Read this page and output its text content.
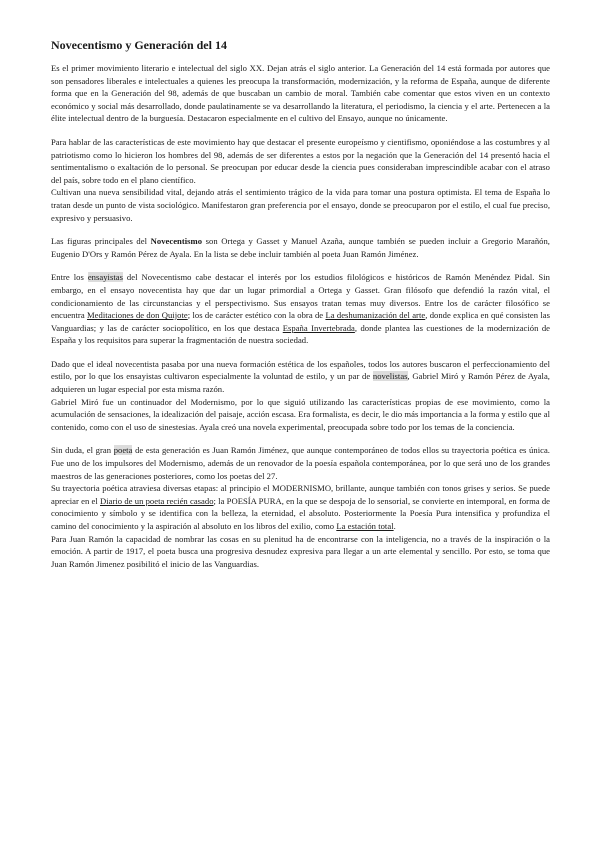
Novecentismo y Generación del 14

Es el primer movimiento literario e intelectual del siglo XX. Dejan atrás el siglo anterior. La Generación del 14 está formada por autores que son pensadores liberales e intelectuales a quienes les preocupa la transformación, modernización, y la reforma de España, aunque de diferente forma que en la Generación del 98, además de que buscaban un cambio de moral. También cabe comentar que estos viven en un contexto económico y social más desarrollado, donde paulatinamente se va desarrollando la literatura, el periodismo, la ciencia y el arte. Pertenecen a la élite intelectual dentro de la burguesía. Destacaron especialmente en el cultivo del Ensayo, aunque no únicamente.

Para hablar de las características de este movimiento hay que destacar el presente europeísmo y cientifismo, oponiéndose a las costumbres y al patriotismo como lo hicieron los hombres del 98, además de ser diferentes a estos por la negación que la Generación del 14 presentó hacia el sentimentalismo o exaltación de lo personal. Se preocupan por educar desde la ciencia pues consideraban imprescindible acabar con el atraso del país, sobre todo en el plano científico.

Cultivan una nueva sensibilidad vital, dejando atrás el sentimiento trágico de la vida para tomar una postura optimista. El tema de España lo tratan desde un punto de vista sociológico. Manifestaron gran preferencia por el ensayo, donde se preocuparon por el estilo, el cual fue preciso, expresivo y persuasivo.

Las figuras principales del Novecentismo son Ortega y Gasset y Manuel Azaña, aunque también se pueden incluir a Gregorio Marañón, Eugenio D'Ors y Ramón Pérez de Ayala. En la lista se debe incluir también al poeta Juan Ramón Jiménez.

Entre los ensayistas del Novecentismo cabe destacar el interés por los estudios filológicos e históricos de Ramón Menéndez Pidal. Sin embargo, en el ensayo novecentista hay que dar un lugar primordial a Ortega y Gasset. Gran filósofo que defendió la razón vital, el condicionamiento de las circunstancias y el perspectivismo. Sus ensayos tratan temas muy diversos. Entre los de carácter filosófico se encuentra Meditaciones de don Quijote; los de carácter estético con la obra de La deshumanización del arte, donde explica en qué consisten las Vanguardias; y las de carácter sociopolítico, en los que destaca España Invertebrada, donde plantea las cuestiones de la modernización de España y los requisitos para superar la fragmentación de nuestra sociedad.

Dado que el ideal novecentista pasaba por una nueva formación estética de los españoles, todos los autores buscaron el perfeccionamiento del estilo, por lo que los ensayistas cultivaron especialmente la voluntad de estilo, y un par de novelistas, Gabriel Miró y Ramón Pérez de Ayala, adquieren un lugar especial por esta misma razón.

Gabriel Miró fue un continuador del Modernismo, por lo que siguió utilizando las características propias de ese movimiento, como la acumulación de sensaciones, la idealización del paisaje, acción escasa. Era formalista, es decir, le dio más importancia a la forma y estilo que al contenido, como con el uso de sinestesias. Ayala creó una novela experimental, preocupada sobre todo por los temas de la conciencia.

Sin duda, el gran poeta de esta generación es Juan Ramón Jiménez, que aunque contemporáneo de todos ellos su trayectoria poética es única. Fue uno de los impulsores del Modernismo, además de un renovador de la poesía española contemporánea, por lo que será uno de los grandes maestros de las generaciones posteriores, como los poetas del 27.

Su trayectoria poética atraviesa diversas etapas: al principio el MODERNISMO, brillante, aunque también con tonos grises y serios. Se puede apreciar en el Diario de un poeta recién casado; la POESÍA PURA, en la que se despoja de lo sensorial, se convierte en intemporal, en forma de conocimiento y símbolo y se identifica con la belleza, la eternidad, el absoluto. Posteriormente la Poesía Pura intensifica y profundiza el camino del conocimiento y la aspiración al absoluto en los libros del exilio, como La estación total.

Para Juan Ramón la capacidad de nombrar las cosas en su plenitud ha de encontrarse con la inteligencia, no a través de la inspiración o la emoción. A partir de 1917, el poeta busca una progresiva desnudez expresiva para llegar a un arte elemental y sencillo. Por esto, se toma que Juan Ramón Jimenez posibilitó el inicio de las Vanguardias.
